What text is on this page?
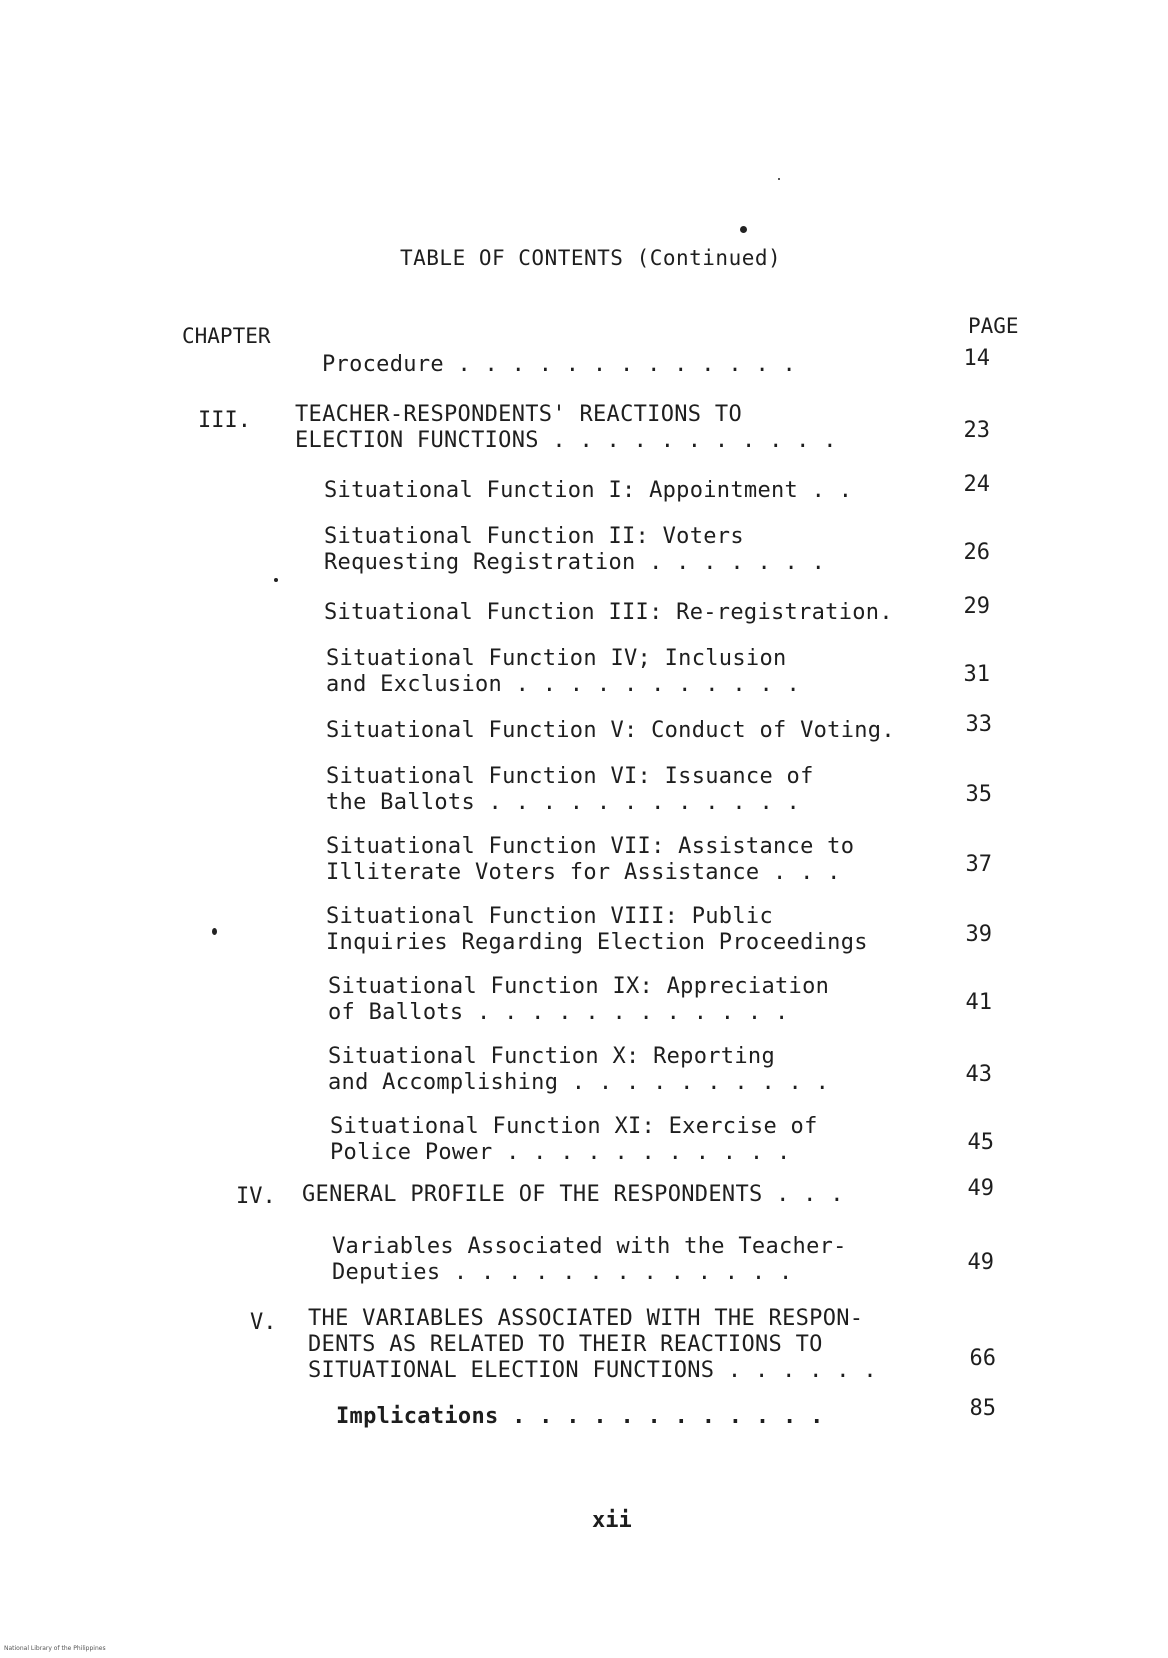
TABLE OF CONTENTS (Continued)
CHAPTER	PAGE
Procedure . . . . . . . . . . . . .	14
III. TEACHER-RESPONDENTS' REACTIONS TO
ELECTION FUNCTIONS . . . . . . . . . . .	23
Situational Function I: Appointment . .	24
Situational Function II: Voters
Requesting Registration . . . . . . .	26
Situational Function III: Re-registration.	29
Situational Function IV; Inclusion
and Exclusion . . . . . . . . . . .	31
Situational Function V: Conduct of Voting.	33
Situational Function VI: Issuance of
the Ballots . . . . . . . . . . . .	35
Situational Function VII: Assistance to
Illiterate Voters for Assistance . . .	37
Situational Function VIII: Public
Inquiries Regarding Election Proceedings	39
Situational Function IX: Appreciation
of Ballots . . . . . . . . . . . .	41
Situational Function X: Reporting
and Accomplishing . . . . . . . . . .	43
Situational Function XI: Exercise of
Police Power . . . . . . . . . . .	45
IV. GENERAL PROFILE OF THE RESPONDENTS . . .	49
Variables Associated with the Teacher-
Deputies . . . . . . . . . . . . .	49
V. THE VARIABLES ASSOCIATED WITH THE RESPON-
DENTS AS RELATED TO THEIR REACTIONS TO
SITUATIONAL ELECTION FUNCTIONS . . . . . .	66
Implications . . . . . . . . . . . .	85
xii
National Library of the Philippines
